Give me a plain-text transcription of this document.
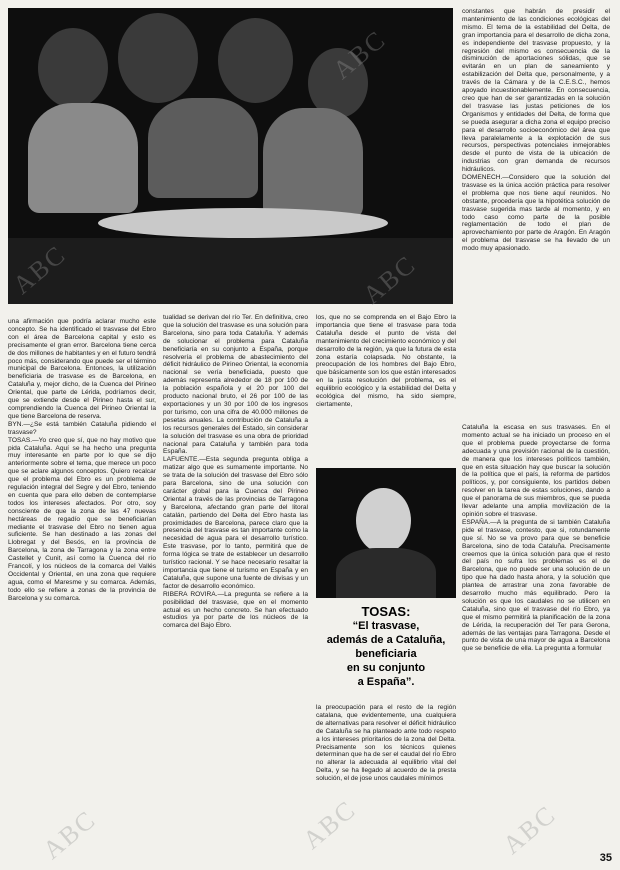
constantes que habrán de presidir el mantenimiento de las condiciones ecológicas del mismo. El tema de la estabilidad del Delta, de gran importancia para el desarrollo de dicha zona, es independiente del trasvase propuesto, y la regresión del mismo es consecuencia de la disminución de aportaciones sólidas, que se evitarán en un plan de saneamiento y estabilización del Delta que, personalmente, y a través de la Cámara y de la C.E.S.C., hemos apoyado incuestionablemente. En consecuencia, creo que han de ser garantizadas en la solución del trasvase las justas peticiones de los Organismos y entidades del Delta, de forma que se pueda asegurar a dicha zona el equipo preciso para el desarrollo socioeconómico del área que lleva paralelamente a la explotación de sus recursos, perspectivas potenciales inmejorables desde el punto de vista de la ubicación de industrias con gran demanda de recursos hidráulicos.
DOMENECH.—Considero que la solución del trasvase es la única acción práctica para resolver el problema que nos tiene aquí reunidos. No obstante, procedería que la hipotética solución de trasvase sugerida mas tarde al momento, y en todo caso como parte de la posible reglamentación de todo el plan de aprovechamiento por parte de Aragón. En Aragón el problema del trasvase se ha llevado de un modo muy apasionado.
una afirmación que podría aclarar mucho este concepto. Se ha identificado el trasvase del Ebro con el área de Barcelona capital y esto es precisamente el gran error. Barcelona tiene cerca de dos millones de habitantes y en el futuro tendrá poco más, considerando que puede ser el término municipal de Barcelona. Entonces, la utilización beneficiaria de trasvase es de Barcelona, en Cataluña y, mejor dicho, de la Cuenca del Pirineo Oriental, que parte de Lérida, podríamos decir, que se extiende desde el Pirineo hasta el sur, comprendiendo la Cuenca del Pirineo Oriental la que tiene Barcelona de reserva.
BYN.—¿Se está también Cataluña pidiendo el trasvase?
TOSAS.—Yo creo que sí, que no hay motivo que pida Cataluña. Aquí se ha hecho una pregunta muy interesante en parte por lo que se dijo anteriormente sobre el tema, que merece un poco que se aclare algunos conceptos. Quiero recalcar que el problema del Ebro es un problema de regulación integral del Segre y del Ebro, teniendo en cuenta que para ello deben de contemplarse todos los intereses afectados. Por otro, soy consciente de que la zona de las 47 nuevas hectáreas de regadío que se beneficiarían mediante el trasvase del Ebro no tienen agua suficiente. Se han destinado a las zonas del Llobregat y del Besós, en la provincia de Barcelona, la zona de Tarragona y la zona entre Castellet y Cunit, así como la Cuenca del río Francolí, y los núcleos de la comarca del Vallés Occidental y Oriental, en una zona que requiere agua, como el Maresme y su comarca. Además, todo ello se refiere a zonas de la provincia de Barcelona y su comarca.
tualidad se derivan del río Ter. En definitiva, creo que la solución del trasvase es una solución para Barcelona, sino para toda Cataluña. Y además de solucionar el problema para Cataluña beneficiaría en su conjunto a España, porque resolvería el problema de abastecimiento del déficit hidráulico de Pirineo Oriental, la economía nacional se vería beneficiada, puesto que además representa alrededor de 18 por 100 de la población española y el 20 por 100 del producto nacional bruto, el 26 por 100 de las exportaciones y un 30 por 100 de los ingresos por turismo, con una cifra de 40.000 millones de pesetas anuales. La contribución de Cataluña a los recursos generales del Estado, sin considerar la solución del trasvase es una obra de prioridad nacional para Cataluña y también para toda España.
LAFUENTE.—Esta segunda pregunta obliga a matizar algo que es sumamente importante. No se trata de la solución del trasvase del Ebro sólo para Barcelona, sino de una solución con carácter global para la Cuenca del Pirineo Oriental a través de las provincias de Tarragona y Barcelona, afectando gran parte del litoral catalán, partiendo del Delta del Ebro hasta las proximidades de Barcelona, parece claro que la presencia del trasvase es tan importante como la necesidad de agua para el desarrollo turístico. Este trasvase, por lo tanto, permitirá que de forma lógica se trate de establecer un desarrollo turístico racional. Y se hace necesario resaltar la importancia que tiene el turismo en España y en Cataluña, que supone una fuente de divisas y un factor de desarrollo económico.
RIBERA ROVIRA.—La pregunta se refiere a la posibilidad del trasvase, que en el momento actual es un hecho concreto. Se han efectuado estudios ya por parte de los núcleos de la comarca del Bajo Ebro.
los, que no se comprenda en el Bajo Ebro la importancia que tiene el trasvase para toda Cataluña desde el punto de vista del mantenimiento del crecimiento económico y del desarrollo de la región, ya que la futura de esta zona estaría colapsada. No obstante, la preocupación de los hombres del Bajo Ebro, que básicamente son los que están interesados en la justa resolución del problema, es el equilibrio ecológico y la estabilidad del Delta y ecológica del mismo, ha sido siempre, ciertamente,
TOSAS:
“El trasvase,
además de a Cataluña,
beneficiaria
en su conjunto
a España”.
la preocupación para el resto de la región catalana, que evidentemente, una cualquiera de alternativas para resolver el déficit hidráulico de Cataluña se ha planteado ante todo respeto a los intereses prioritarios de la zona del Delta. Precisamente son los técnicos quienes determinan que ha de ser el caudal del río Ebro no alterar la adecuada al equilibrio vital del Delta, y se ha llegado al acuerdo de la presta solución, el de jose unos caudales mínimos
Cataluña la escasa en sus trasvases. En el momento actual se ha iniciado un proceso en el que el problema puede proyectarse de forma adecuada y una previsión racional de la cuestión, de manera que los intereses políticos también, que en esta situación hay que buscar la solución de la política que el país, la reforma de partidos políticos, y, por consiguiente, los partidos deben resolver en la tarea de estas soluciones, dando a que el panorama de sus miembros, que se pueda llevar adelante una amplia movilización de la opinión sobre el trasvase.
ESPAÑA.—A la pregunta de si también Cataluña pide el trasvase, contesto, que si, rotundamente que sí. No se va provo para que se beneficie Barcelona, sino de toda Cataluña. Precisamente creemos que la única solución para que el resto del país no sufra los problemas es el de Barcelona, que no puede ser una solución de un tipo que ha dado hasta ahora, y la solución que plantea de arrastrar una zona favorable de desarrollo mucho más equilibrado. Pero la solución es que los caudales no se utilicen en Cataluña, sino que el trasvase del río Ebro, ya que el mismo permitirá la planificación de la zona de Lérida, la recuperación del Ter para Gerona, además de las ventajas para Tarragona. Desde el punto de vista de una mayor de agua a Barcelona que se beneficie de ella. La pregunta a formular
ABC
ABC
ABC
ABC	ABC	ABC	35
